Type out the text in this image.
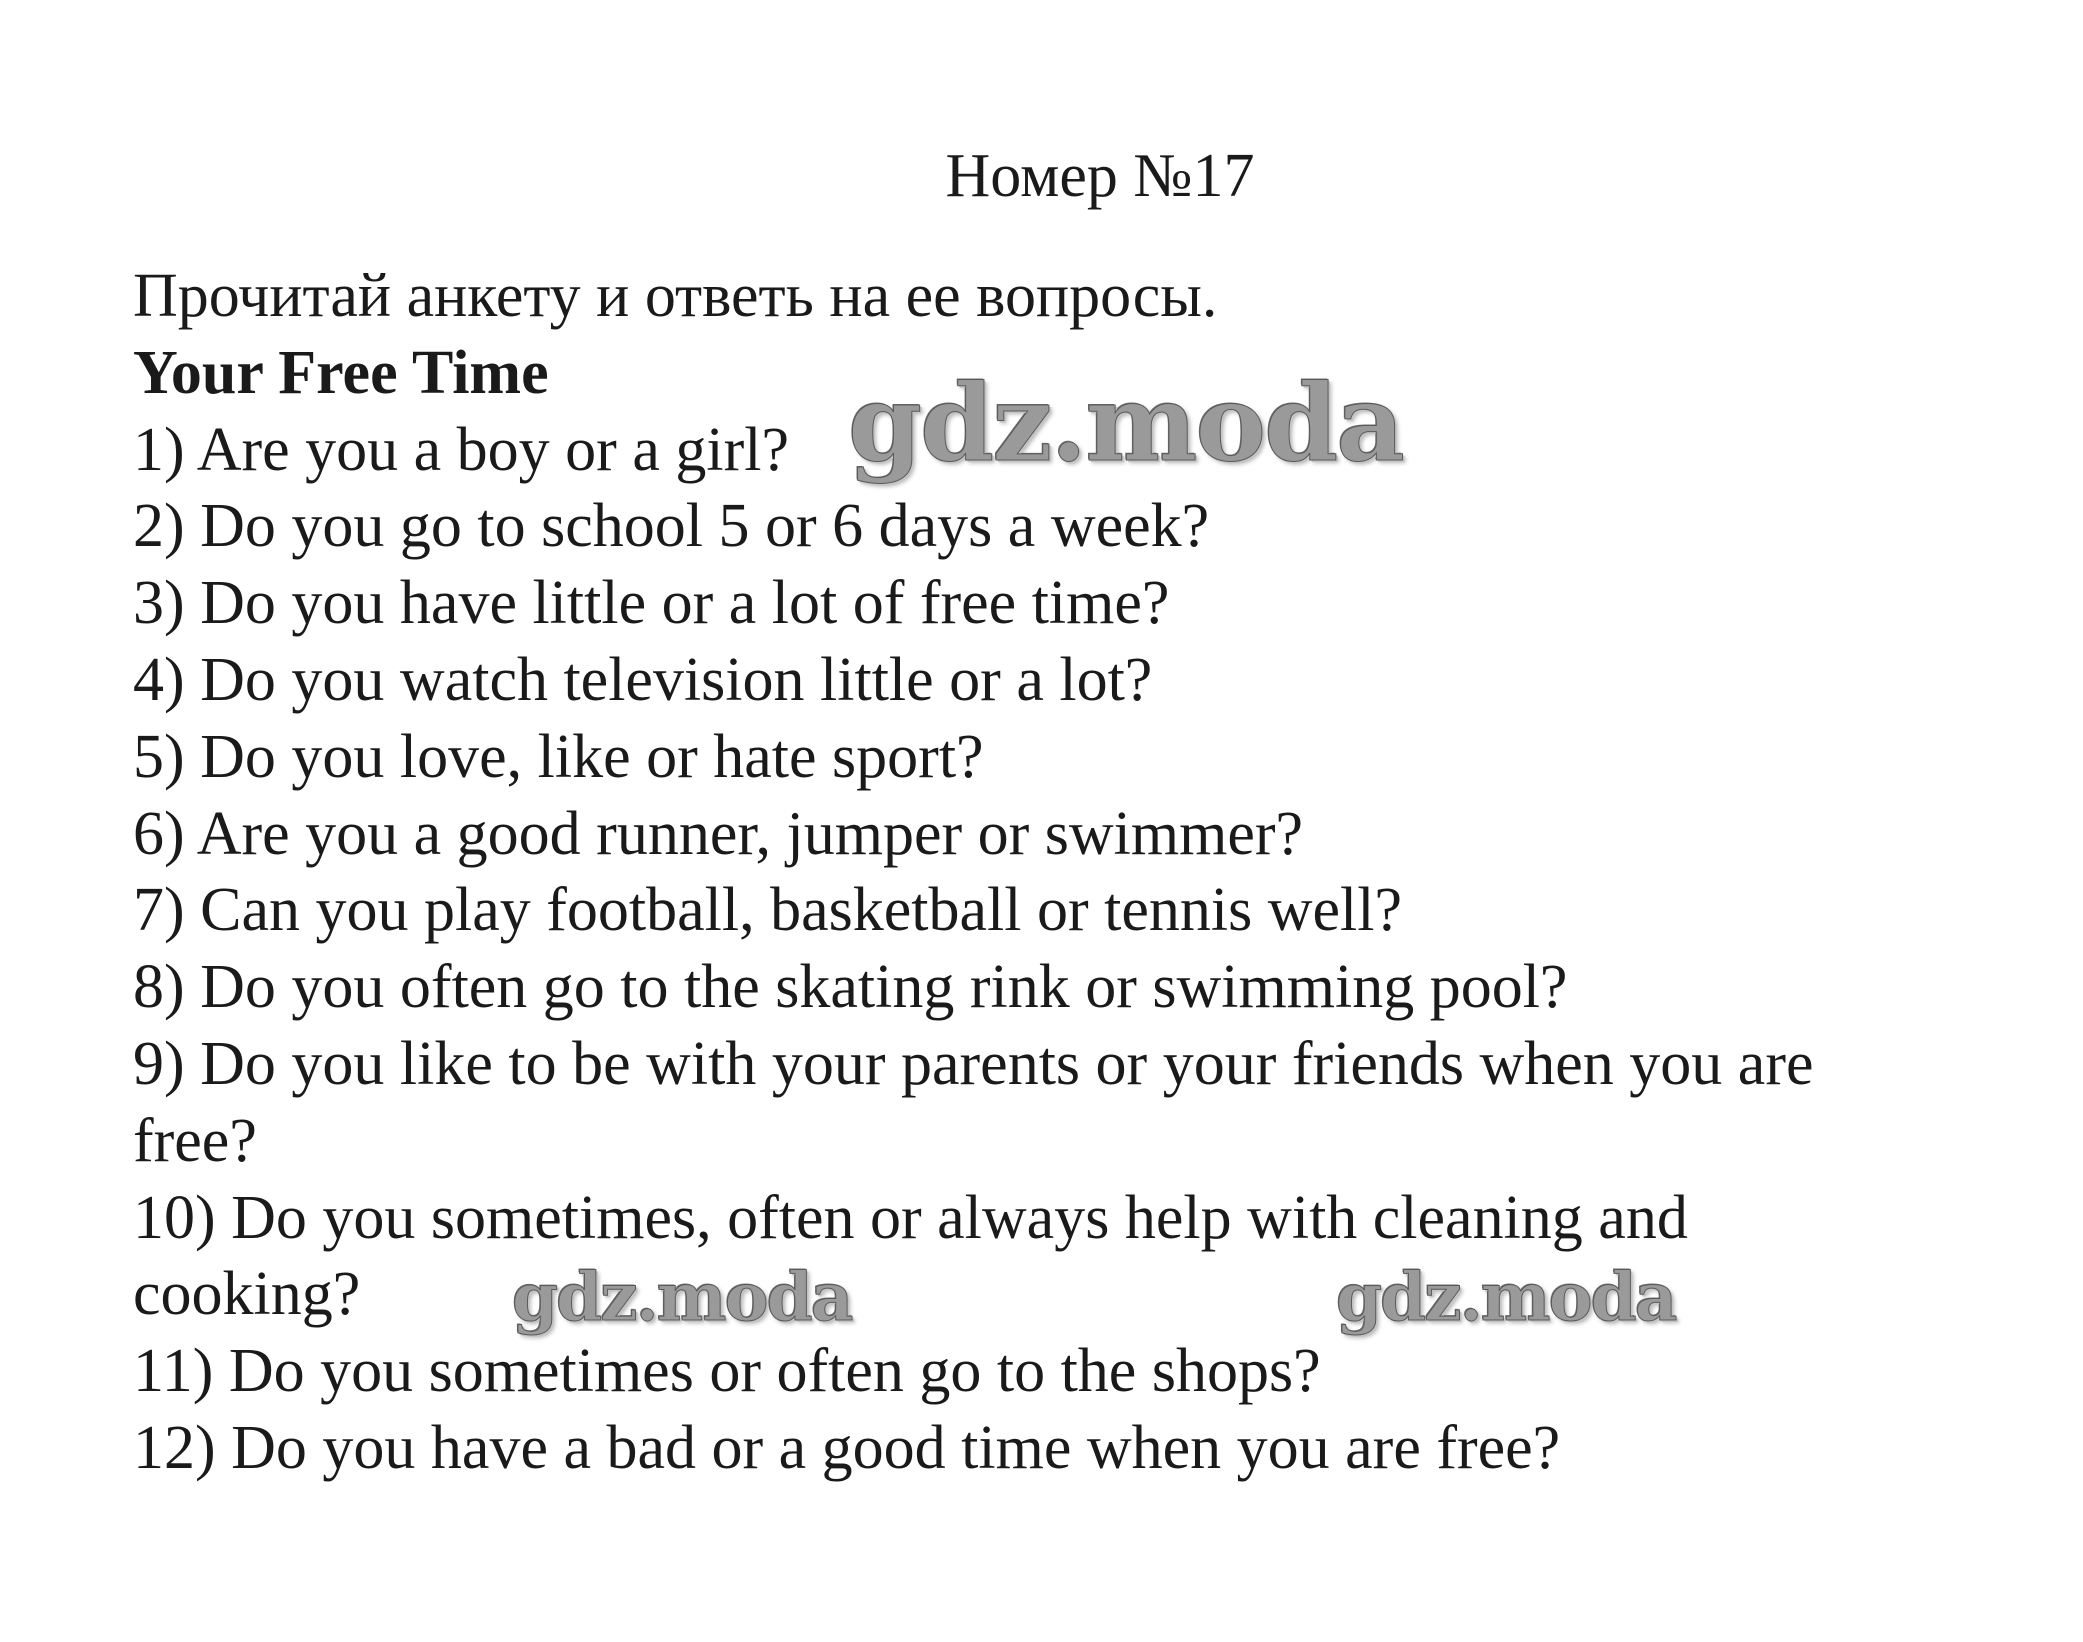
Номер №17
Прочитай анкету и ответь на ее вопросы.
Your Free Time
1) Are you a boy or a girl?
2) Do you go to school 5 or 6 days a week?
3) Do you have little or a lot of free time?
4) Do you watch television little or a lot?
5) Do you love, like or hate sport?
6) Are you a good runner, jumper or swimmer?
7) Can you play football, basketball or tennis well?
8) Do you often go to the skating rink or swimming pool?
9) Do you like to be with your parents or your friends when you are
free?
10) Do you sometimes, often or always help with cleaning and
cooking?
11) Do you sometimes or often go to the shops?
12) Do you have a bad or a good time when you are free?
gdz.moda
gdz.moda	gdz.moda
